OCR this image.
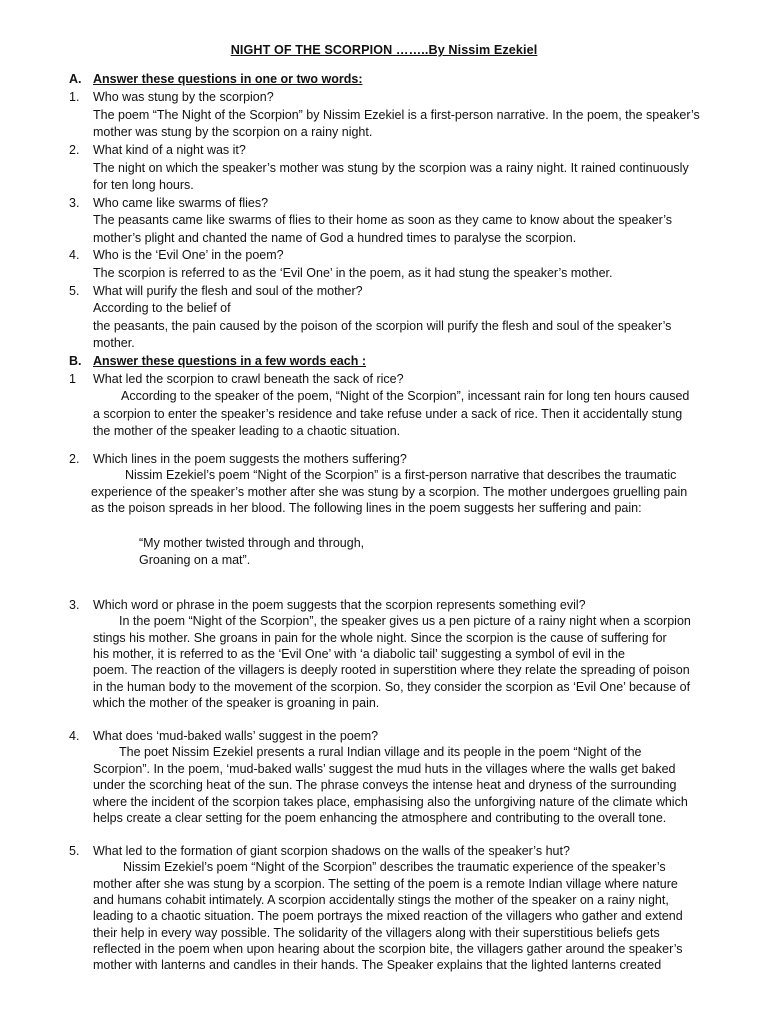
NIGHT OF THE SCORPION ……..By Nissim Ezekiel
A. Answer these questions in one or two words:
1. Who was stung by the scorpion?
The poem “The Night of the Scorpion” by Nissim Ezekiel is a first-person narrative. In the poem, the speaker’s
mother was stung by the scorpion on a rainy night.
2. What kind of a night was it?
The night on which the speaker’s mother was stung by the scorpion was a rainy night. It rained continuously
for ten long hours.
3. Who came like swarms of flies?
The peasants came like swarms of flies to their home as soon as they came to know about the speaker’s
mother’s plight and chanted the name of God a hundred times to paralyse the scorpion.
4. Who is the ‘Evil One’ in the poem?
The scorpion is referred to as the ‘Evil One’ in the poem, as it had stung the speaker’s mother.
5. What will purify the flesh and soul of the mother?
According to the belief of
the peasants, the pain caused by the poison of the scorpion will purify the flesh and soul of the speaker’s
mother.
B. Answer these questions in a few words each :
1 What led the scorpion to crawl beneath the sack of rice?
According to the speaker of the poem, “Night of the Scorpion”, incessant rain for long ten hours caused
a scorpion to enter the speaker’s residence and take refuse under a sack of rice. Then it accidentally stung
the mother of the speaker leading to a chaotic situation.
2. Which lines in the poem suggests the mothers suffering?
Nissim Ezekiel’s poem “Night of the Scorpion” is a first-person narrative that describes the traumatic
experience of the speaker’s mother after she was stung by a scorpion. The mother undergoes gruelling pain
as the poison spreads in her blood. The following lines in the poem suggests her suffering and pain:
“My mother twisted through and through,
Groaning on a mat”.
3. Which word or phrase in the poem suggests that the scorpion represents something evil?
In the poem “Night of the Scorpion”, the speaker gives us a pen picture of a rainy night when a scorpion
stings his mother. She groans in pain for the whole night. Since the scorpion is the cause of suffering for
his mother, it is referred to as the ‘Evil One’ with ‘a diabolic tail’ suggesting a symbol of evil in the
poem. The reaction of the villagers is deeply rooted in superstition where they relate the spreading of poison
in the human body to the movement of the scorpion. So, they consider the scorpion as ‘Evil One’ because of
which the mother of the speaker is groaning in pain.
4. What does ‘mud-baked walls’ suggest in the poem?
The poet Nissim Ezekiel presents a rural Indian village and its people in the poem “Night of the
Scorpion”. In the poem, ‘mud-baked walls’ suggest the mud huts in the villages where the walls get baked
under the scorching heat of the sun. The phrase conveys the intense heat and dryness of the surrounding
where the incident of the scorpion takes place, emphasising also the unforgiving nature of the climate which
helps create a clear setting for the poem enhancing the atmosphere and contributing to the overall tone.
5. What led to the formation of giant scorpion shadows on the walls of the speaker’s hut?
Nissim Ezekiel’s poem “Night of the Scorpion” describes the traumatic experience of the speaker’s
mother after she was stung by a scorpion. The setting of the poem is a remote Indian village where nature
and humans cohabit intimately. A scorpion accidentally stings the mother of the speaker on a rainy night,
leading to a chaotic situation. The poem portrays the mixed reaction of the villagers who gather and extend
their help in every way possible. The solidarity of the villagers along with their superstitious beliefs gets
reflected in the poem when upon hearing about the scorpion bite, the villagers gather around the speaker’s
mother with lanterns and candles in their hands. The Speaker explains that the lighted lanterns created
